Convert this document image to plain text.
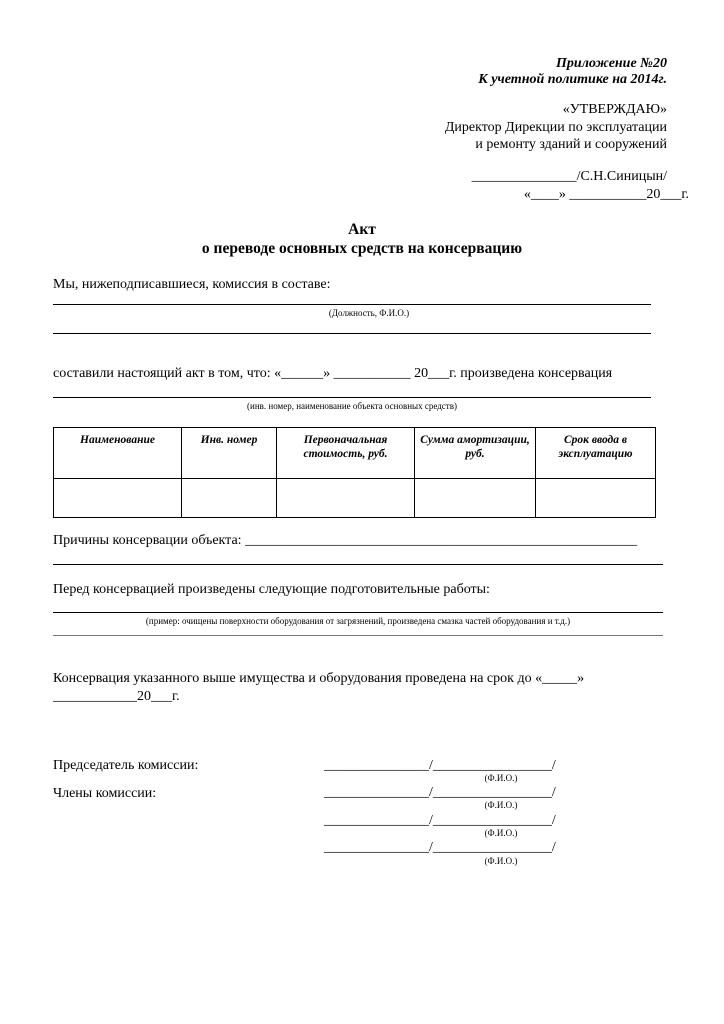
Приложение №20
К учетной политике на 2014г.
«УТВЕРЖДАЮ»
Директор Дирекции по эксплуатации
и ремонту зданий и сооружений
_______________/С.Н.Синицын/
«____» ___________20___г.
Акт
о переводе основных средств на консервацию
Мы, нижеподписавшиеся, комиссия в составе:
(Должность, Ф.И.О.)
составили настоящий акт в том, что: «______» ___________ 20___г. произведена консервация
(инв. номер, наименование объекта основных средств)
Наименование	Инв. номер	Первоначальная стоимость, руб.	Сумма амортизации, руб.	Срок ввода в эксплуатацию

Причины консервации объекта: ________________________________________________________
Перед консервацией произведены следующие подготовительные работы:
(пример: очищены поверхности оборудования от загрязнений, произведена смазка частей оборудования и т.д.)
Консервация указанного выше имущества и оборудования проведена на срок до «_____»
____________20___г.
Председатель комиссии:
Члены комиссии:
_______________/_________________/
(Ф.И.О.)
_______________/_________________/
(Ф.И.О.)
_______________/_________________/
(Ф.И.О.)
_______________/_________________/
(Ф.И.О.)
